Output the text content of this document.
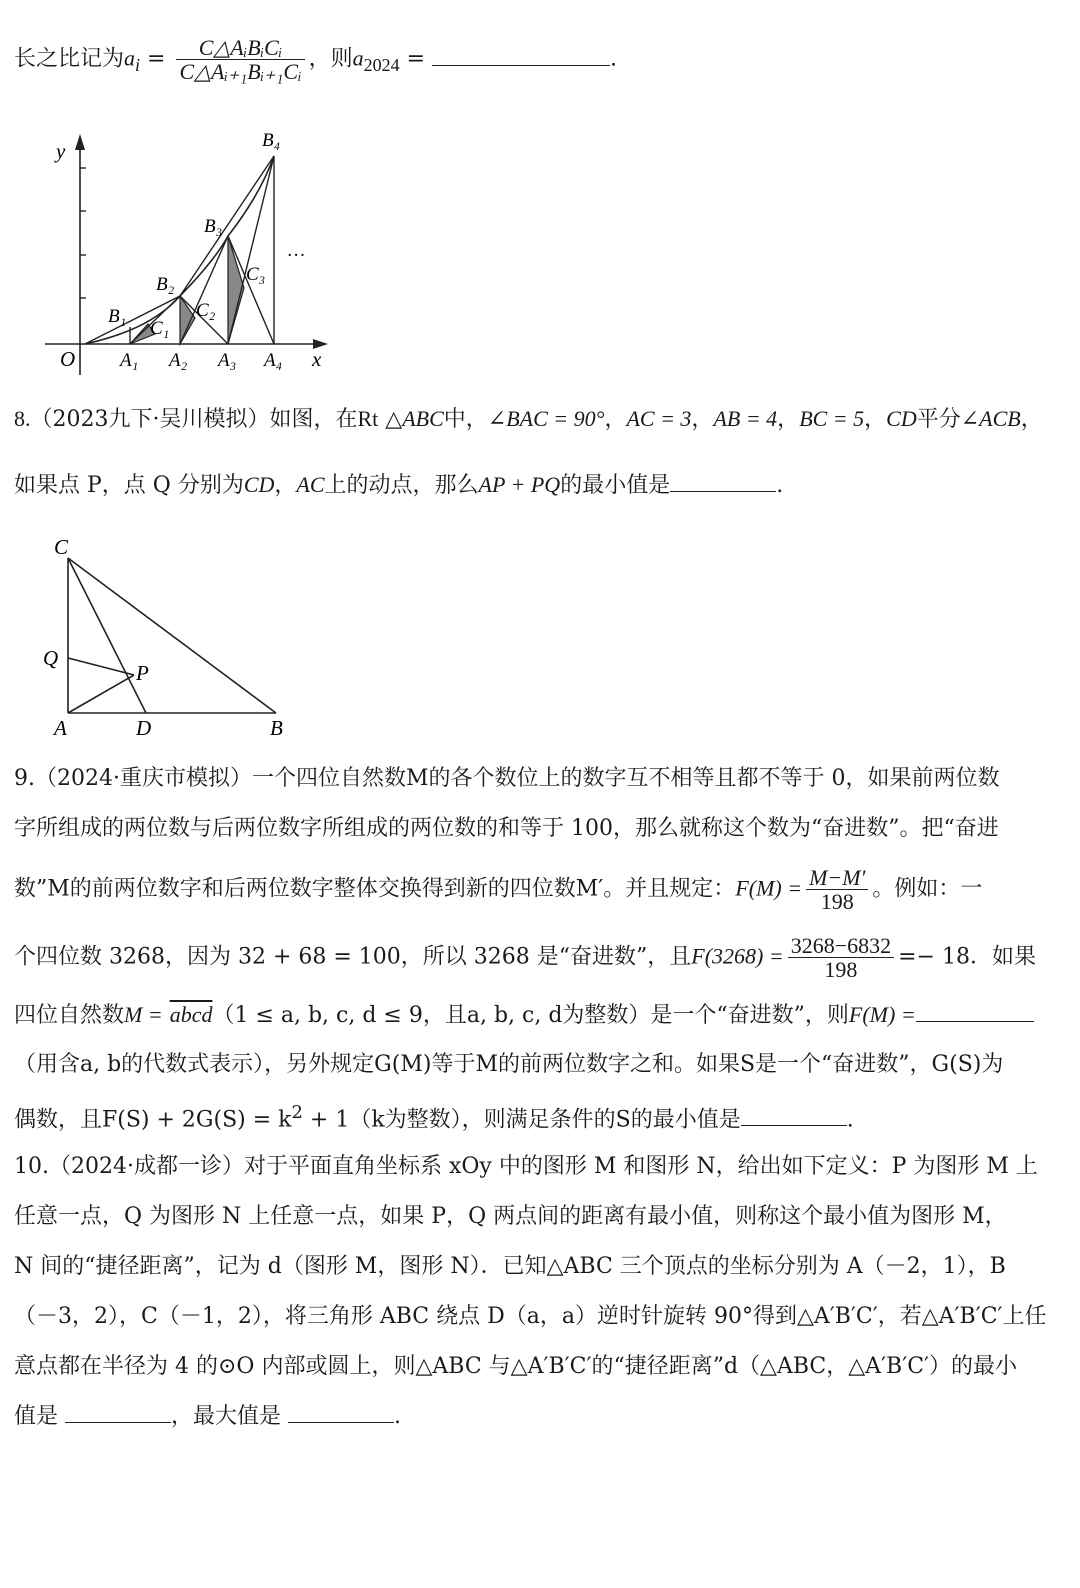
长之比记为$a_i = \frac{\text{C△AᵢBᵢCᵢ}}{\text{C△Aᵢ₊₁Bᵢ₊₁Cᵢ}}$ ，则$a_{2024}$ =	.
y
O	x
A₁ A₂ A₃ A₄
B₁
B₂
B₃
B₄
C₁
C₂
C₃
…
8.（2023九下·吴川模拟）如图，在Rt △ABC中，∠BAC = 90°，AC = 3，AB = 4，BC = 5，CD平分∠ACB，
如果点 P，点 Q 分别为CD，AC上的动点，那么AP + PQ的最小值是	.
C
Q
P
A	D	B
9.（2024·重庆市模拟）一个四位自然数M的各个数位上的数字互不相等且都不等于 0，如果前两位数
字所组成的两位数与后两位数字所组成的两位数的和等于 100，那么就称这个数为“奋进数”。把“奋进
数”M的前两位数字和后两位数字整体交换得到新的四位数M′。并且规定：$F(M) = \frac{M-M'}{198}$ 。例如：一
个四位数 3268，因为 32 + 68 = 100，所以 3268 是“奋进数”，且$F(3268) = \frac{3268-6832}{198} =- 18$．如果
四位自然数M = abcd（1 ≤ a, b, c, d ≤ 9，且a, b, c, d为整数）是一个“奋进数”，则F(M) =
（用含a, b的代数式表示），另外规定G(M)等于M的前两位数字之和。如果S是一个“奋进数”，G(S)为
偶数，且$F(S) + 2G(S) = k^2 + 1(k$为整数），则满足条件的S的最小值是	.
10.（2024·成都一诊）对于平面直角坐标系 xOy 中的图形 M 和图形 N，给出如下定义：P 为图形 M 上
任意一点，Q 为图形 N 上任意一点，如果 P，Q 两点间的距离有最小值，则称这个最小值为图形 M，
N 间的“捷径距离”，记为 d（图形 M，图形 N）．已知△ABC 三个顶点的坐标分别为 A（－2，1），B
（－3，2），C（－1，2），将三角形 ABC 绕点 D（a，a）逆时针旋转 90°得到△A′B′C′，若△A′B′C′上任
意点都在半径为 4 的⊙O 内部或圆上，则△ABC 与△A′B′C′的“捷径距离”d（△ABC，△A′B′C′）的最小
值是	，最大值是	.
